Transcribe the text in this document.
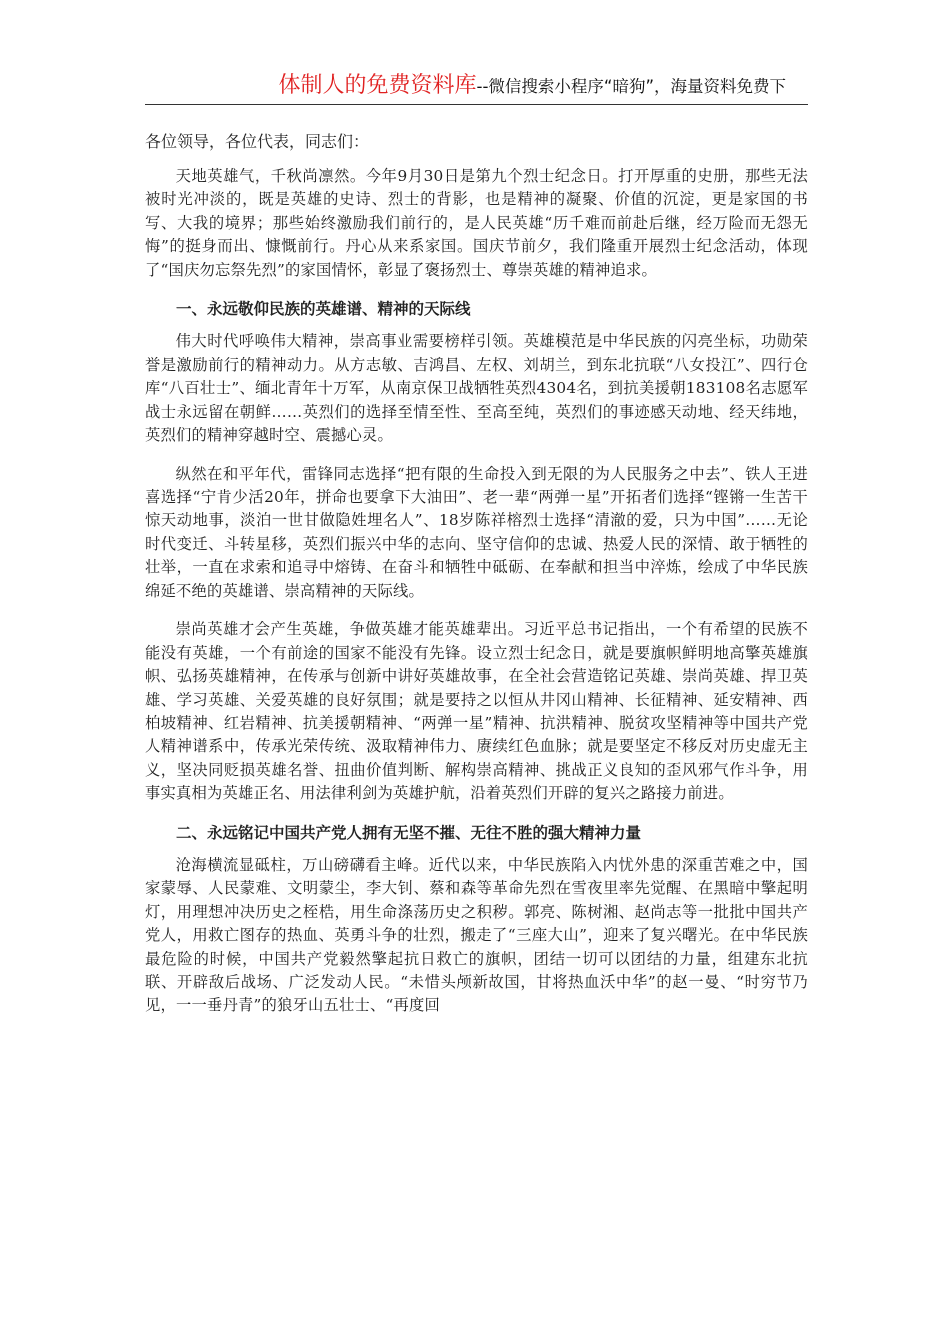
体制人的免费资料库--微信搜索小程序“暗狗”，海量资料免费下
各位领导，各位代表，同志们：

天地英雄气，千秋尚凛然。今年9月30日是第九个烈士纪念日。打开厚重的史册，那些无法被时光冲淡的，既是英雄的史诗、烈士的背影，也是精神的凝聚、价值的沉淀，更是家国的书写、大我的境界；那些始终激励我们前行的，是人民英雄“历千难而前赴后继，经万险而无怨无悔”的挺身而出、慷慨前行。丹心从来系家国。国庆节前夕，我们隆重开展烈士纪念活动，体现了“国庆勿忘祭先烈”的家国情怀，彰显了褒扬烈士、尊崇英雄的精神追求。

一、永远敬仰民族的英雄谱、精神的天际线

伟大时代呼唤伟大精神，崇高事业需要榜样引领。英雄模范是中华民族的闪亮坐标，功勋荣誉是激励前行的精神动力。从方志敏、吉鸿昌、左权、刘胡兰，到东北抗联“八女投江”、四行仓库“八百壮士”、缅北青年十万军，从南京保卫战牺牲英烈4304名，到抗美援朝183108名志愿军战士永远留在朝鲜……英烈们的选择至情至性、至高至纯，英烈们的事迹感天动地、经天纬地，英烈们的精神穿越时空、震撼心灵。

纵然在和平年代，雷锋同志选择“把有限的生命投入到无限的为人民服务之中去”、铁人王进喜选择“宁肯少活20年，拼命也要拿下大油田”、老一辈“两弹一星”开拓者们选择“铿锵一生苦干惊天动地事，淡泊一世甘做隐姓埋名人”、18岁陈祥榕烈士选择“清澈的爱，只为中国”……无论时代变迁、斗转星移，英烈们振兴中华的志向、坚守信仰的忠诚、热爱人民的深情、敢于牺牲的壮举，一直在求索和追寻中熔铸、在奋斗和牺牲中砥砺、在奉献和担当中淬炼，绘成了中华民族绵延不绝的英雄谱、崇高精神的天际线。

崇尚英雄才会产生英雄，争做英雄才能英雄辈出。习近平总书记指出，一个有希望的民族不能没有英雄，一个有前途的国家不能没有先锋。设立烈士纪念日，就是要旗帜鲜明地高擎英雄旗帜、弘扬英雄精神，在传承与创新中讲好英雄故事，在全社会营造铭记英雄、崇尚英雄、捍卫英雄、学习英雄、关爱英雄的良好氛围；就是要持之以恒从井冈山精神、长征精神、延安精神、西柏坡精神、红岩精神、抗美援朝精神、“两弹一星”精神、抗洪精神、脱贫攻坚精神等中国共产党人精神谱系中，传承光荣传统、汲取精神伟力、赓续红色血脉；就是要坚定不移反对历史虚无主义，坚决同贬损英雄名誉、扭曲价值判断、解构崇高精神、挑战正义良知的歪风邪气作斗争，用事实真相为英雄正名、用法律利剑为英雄护航，沿着英烈们开辟的复兴之路接力前进。

二、永远铭记中国共产党人拥有无坚不摧、无往不胜的强大精神力量

沧海横流显砥柱，万山磅礴看主峰。近代以来，中华民族陷入内忧外患的深重苦难之中，国家蒙辱、人民蒙难、文明蒙尘，李大钊、蔡和森等革命先烈在雪夜里率先觉醒、在黑暗中擎起明灯，用理想冲决历史之桎梏，用生命涤荡历史之积秽。郭亮、陈树湘、赵尚志等一批批中国共产党人，用救亡图存的热血、英勇斗争的壮烈，搬走了“三座大山”，迎来了复兴曙光。在中华民族最危险的时候，中国共产党毅然擎起抗日救亡的旗帜，团结一切可以团结的力量，组建东北抗联、开辟敌后战场、广泛发动人民。“未惜头颅新故国，甘将热血沃中华”的赵一曼、“时穷节乃见，一一垂丹青”的狼牙山五壮士、“再度回
